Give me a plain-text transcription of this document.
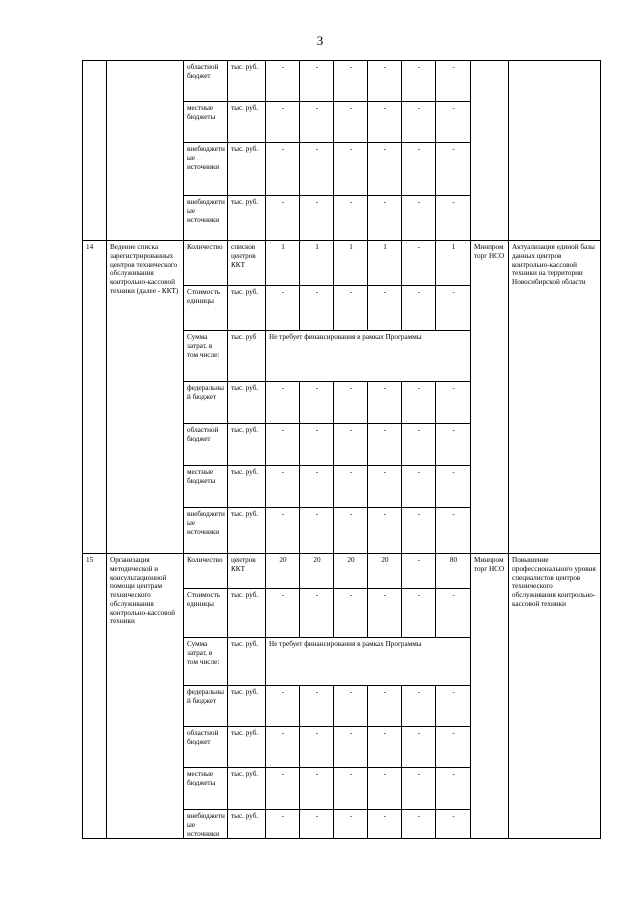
3
		областной бюджет	тыс. руб.	-	-	-	-	-	-		
		местные бюджеты	тыс. руб.	-	-	-	-	-	-		
		внебюджетные источники	тыс. руб.	-	-	-	-	-	-		
		внебюджетные источники	тыс. руб.	-	-	-	-	-	-		
14	Ведение списка зарегистрированных центров технического обслуживания контрольно-кассовой техники (далее - ККТ)	Количество	списков центров ККТ	1	1	1	1	-	1	Минпромторг НСО	Актуализация единой базы данных центров контрольно-кассовой техники на территории Новосибирской области
		Стоимость единицы	тыс. руб.	-	-	-	-	-	-		
		Сумма затрат, в том числе:	тыс. руб	Не требует финансирования в рамках Программы							
		федеральный бюджет	тыс. руб.	-	-	-	-	-	-		
		областной бюджет	тыс. руб.	-	-	-	-	-	-		
		местные бюджеты	тыс. руб.	-	-	-	-	-	-		
		внебюджетные источники	тыс. руб.	-	-	-	-	-	-		
15	Организация методической и консультационной помощи центрам технического обслуживания контрольно-кассовой техники	Количество	центров ККТ	20	20	20	20	-	80	Минпромторг НСО	Повышение профессионального уровня специалистов центров технического обслуживания контрольно-кассовой техники
		Стоимость единицы	тыс. руб.	-	-	-	-	-	-		
		Сумма затрат, в том числе:	тыс. руб.	Не требует финансирования в рамках Программы							
		федеральный бюджет	тыс. руб.	-	-	-	-	-	-		
		областной бюджет	тыс. руб.	-	-	-	-	-	-		
		местные бюджеты	тыс. руб.	-	-	-	-	-	-		
		внебюджетные источники	тыс. руб.	-	-	-	-	-	-		
